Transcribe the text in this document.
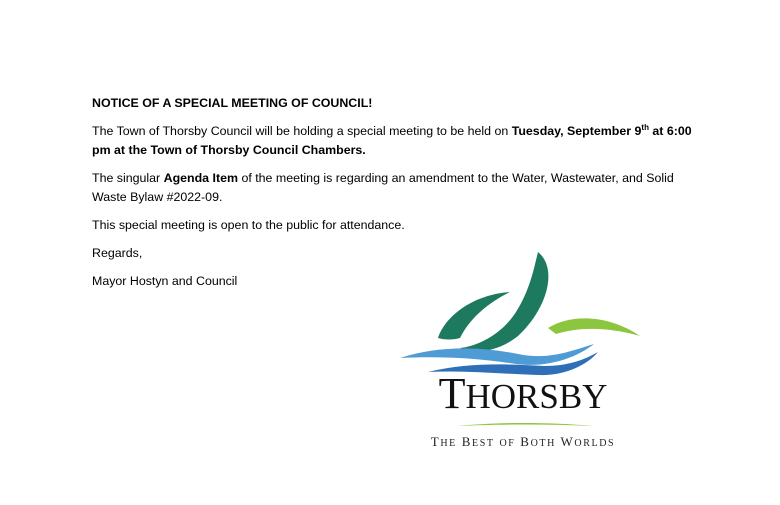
NOTICE OF A SPECIAL MEETING OF COUNCIL!

The Town of Thorsby Council will be holding a special meeting to be held on Tuesday, September 9th at 6:00 pm at the Town of Thorsby Council Chambers.

The singular Agenda Item of the meeting is regarding an amendment to the Water, Wastewater, and Solid Waste Bylaw #2022-09.

This special meeting is open to the public for attendance.

Regards,

Mayor Hostyn and Council

THORSBY
THE BEST OF BOTH WORLDS
